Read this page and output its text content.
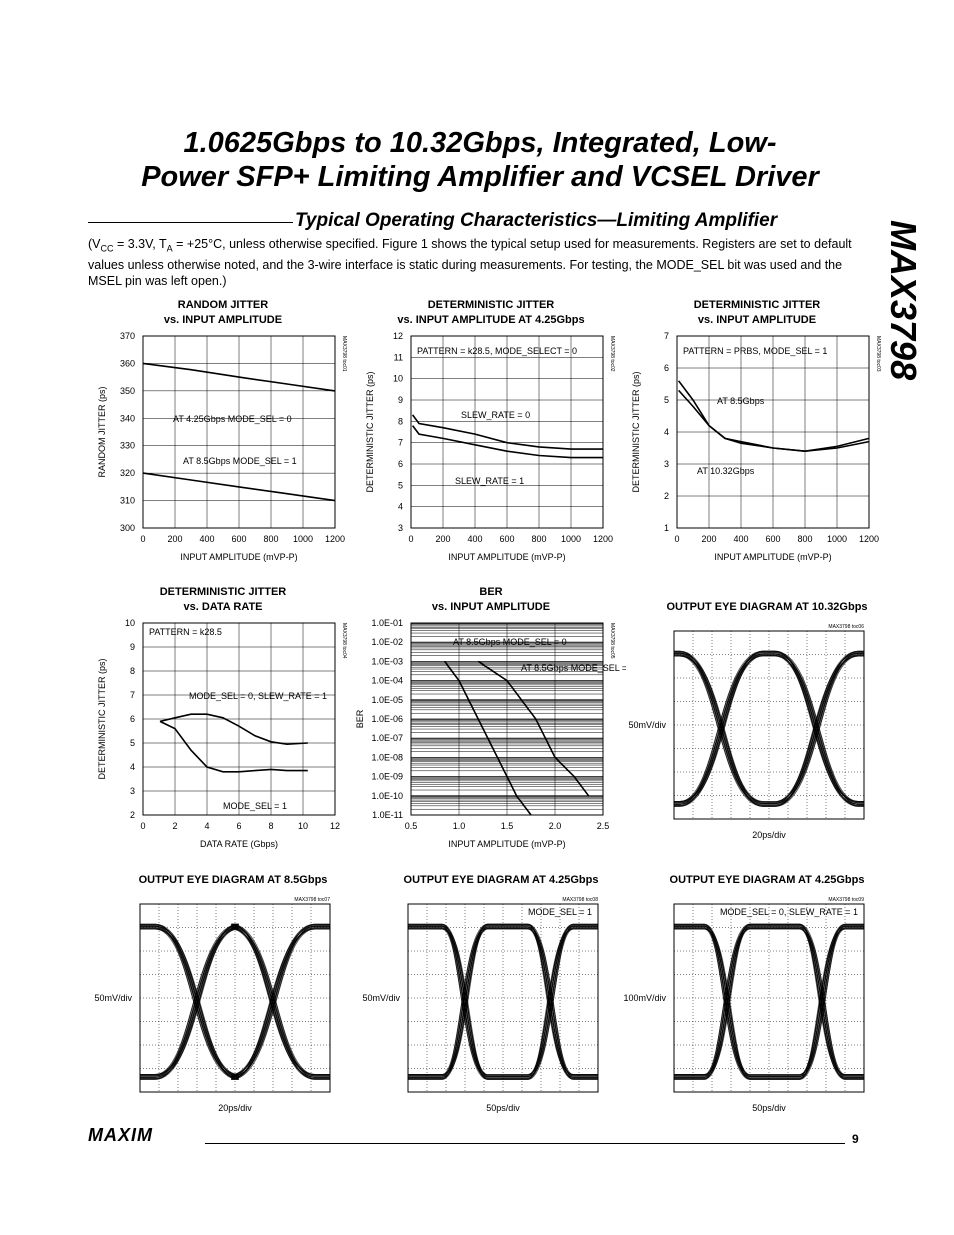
1.0625Gbps to 10.32Gbps, Integrated, Low-
Power SFP+ Limiting Amplifier and VCSEL Driver
MAX3798
Typical Operating Characteristics—Limiting Amplifier
($V_{CC} = 3.3V$, $T_A = +25^\circ C$, unless otherwise specified. Figure 1 shows the typical setup used for measurements. Registers are set to default values unless otherwise noted, and the 3-wire interface is static during measurements. For testing, the MODE_SEL bit was used and the MSEL pin was left open.)
RANDOM JITTER
vs. INPUT AMPLITUDE
0 200 400 600 800 1000 1200
300
310
320
330
340
350
360
370
INPUT AMPLITUDE (mVP-P)
RANDOM JITTER (ps)
MAX3798 toc01
AT 4.25Gbps MODE_SEL = 0
AT 8.5Gbps MODE_SEL = 1
DETERMINISTIC JITTER
vs. INPUT AMPLITUDE AT 4.25Gbps
0 200 400 600 800 1000 1200
3
4
5
6
7
8
9
10
11
12
INPUT AMPLITUDE (mVP-P)
DETERMINISTIC JITTER (ps)
MAX3798 toc02
PATTERN = k28.5, MODE_SELECT = 0
SLEW_RATE = 0
SLEW_RATE = 1
DETERMINISTIC JITTER
vs. INPUT AMPLITUDE
0 200 400 600 800 1000 1200
1
2
3
4
5
6
7
INPUT AMPLITUDE (mVP-P)
DETERMINISTIC JITTER (ps)
MAX3798 toc03
PATTERN = PRBS, MODE_SEL = 1
AT 8.5Gbps
AT 10.32Gbps
DETERMINISTIC JITTER
vs. DATA RATE
0	2	4	6	8	10 12
2
3
4
5
6
7
8
9
10
DATA RATE (Gbps)
DETERMINISTIC JITTER (ps)
MAX3798 toc04
PATTERN = k28.5
MODE_SEL = 0, SLEW_RATE = 1
MODE_SEL = 1
BER
vs. INPUT AMPLITUDE
0.5	1.0	1.5	2.0	2.5
1.0E-01
1.0E-02
1.0E-03
1.0E-04
1.0E-05
1.0E-06
1.0E-07
1.0E-08
1.0E-09
1.0E-10
1.0E-11
INPUT AMPLITUDE (mVP-P)
BER
MAX3798 toc05
AT 8.5Gbps MODE_SEL = 0
AT 8.5Gbps MODE_SEL = 1
OUTPUT EYE DIAGRAM AT 10.32Gbps
MAX3798 toc06
50mV/div
20ps/div
OUTPUT EYE DIAGRAM AT 8.5Gbps
MAX3798 toc07
50mV/div
20ps/div
OUTPUT EYE DIAGRAM AT 4.25Gbps
MAX3798 toc08
MODE_SEL = 1
50mV/div
50ps/div
OUTPUT EYE DIAGRAM AT 4.25Gbps
MAX3798 toc09
MODE_SEL = 0, SLEW_RATE = 1
100mV/div
50ps/div
MAXIM	9
